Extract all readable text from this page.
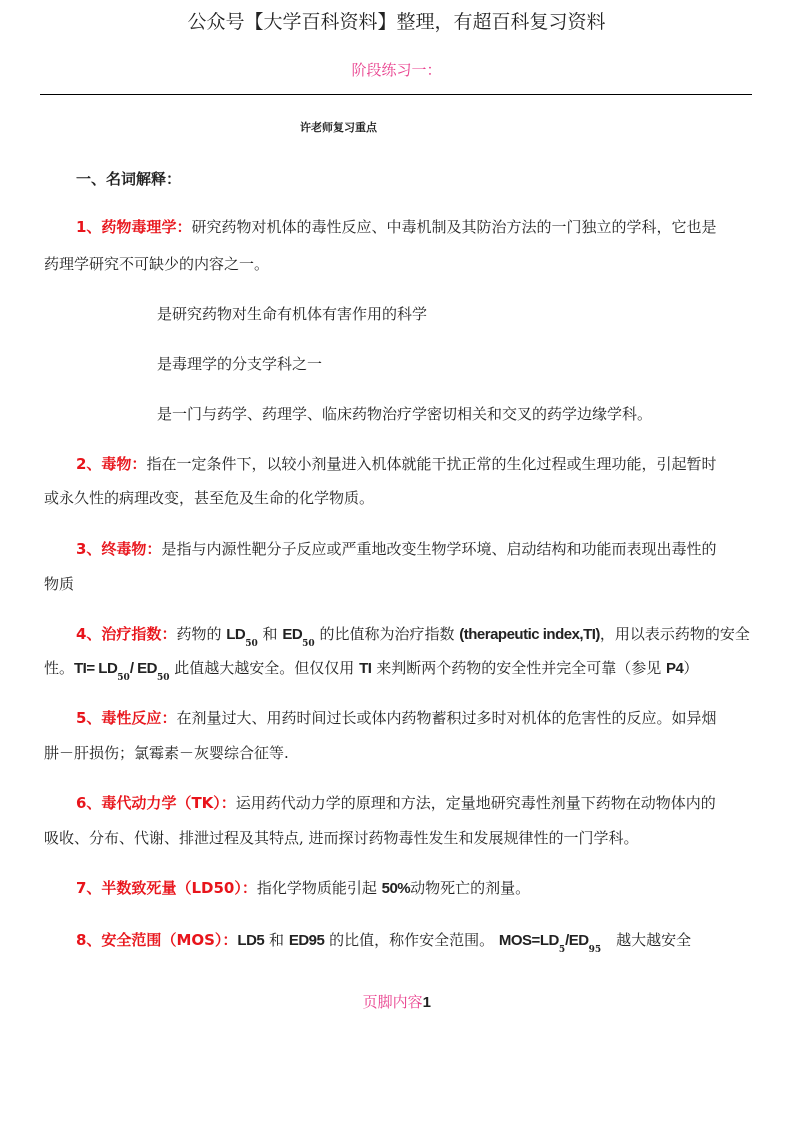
公众号【大学百科资料】整理，有超百科复习资料
阶段练习一：
许老师复习重点
一、名词解释：
1、药物毒理学：研究药物对机体的毒性反应、中毒机制及其防治方法的一门独立的学科，它也是
药理学研究不可缺少的内容之一。
是研究药物对生命有机体有害作用的科学
是毒理学的分支学科之一
是一门与药学、药理学、临床药物治疗学密切相关和交叉的药学边缘学科。
2、毒物：指在一定条件下，以较小剂量进入机体就能干扰正常的生化过程或生理功能，引起暂时
或永久性的病理改变，甚至危及生命的化学物质。
3、终毒物：是指与内源性靶分子反应或严重地改变生物学环境、启动结构和功能而表现出毒性的
物质
4、治疗指数：药物的 $LD_{50}$ 和 $ED_{50}$ 的比值称为治疗指数 (therapeutic index,TI)，用以表示药物的安全
性。$TI= LD_{50}/$ $ED_{50}$ 此值越大越安全。但仅仅用 TI 来判断两个药物的安全性并完全可靠（参见 P4）
5、毒性反应：在剂量过大、用药时间过长或体内药物蓄积过多时对机体的危害性的反应。如异烟
肼－肝损伤；氯霉素－灰婴综合征等.
6、毒代动力学（TK）：运用药代动力学的原理和方法，定量地研究毒性剂量下药物在动物体内的
吸收、分布、代谢、排泄过程及其特点, 进而探讨药物毒性发生和发展规律性的一门学科。
7、半数致死量（LD50）：指化学物质能引起 50%动物死亡的剂量。
8、安全范围（MOS）：LD5 和 ED95 的比值，称作安全范围。 $MOS=LD_5/ED_{95}$　越大越安全
页脚内容1
